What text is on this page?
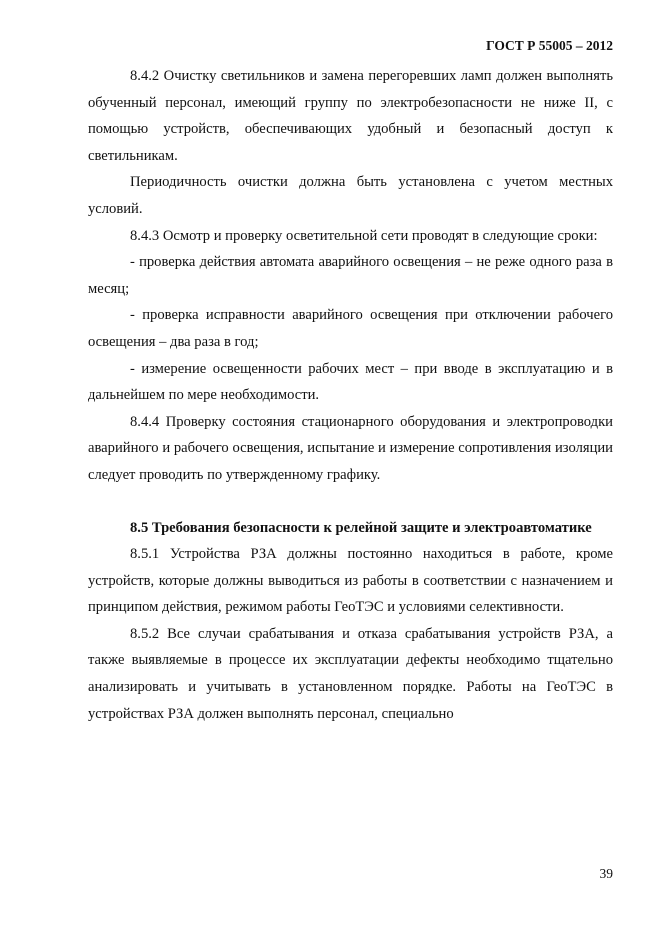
ГОСТ Р 55005 – 2012

8.4.2 Очистку светильников и замена перегоревших ламп должен выполнять обученный персонал, имеющий группу по электробезопасности не ниже II, с помощью устройств, обеспечивающих удобный и безопасный доступ к светильникам.

Периодичность очистки должна быть установлена с учетом местных условий.

8.4.3 Осмотр и проверку осветительной сети проводят в следующие сроки:

- проверка действия автомата аварийного освещения – не реже одного раза в месяц;

- проверка исправности аварийного освещения при отключении рабочего освещения – два раза в год;

- измерение освещенности рабочих мест – при вводе в эксплуатацию и в дальнейшем по мере необходимости.

8.4.4 Проверку состояния стационарного оборудования и электропроводки аварийного и рабочего освещения, испытание и измерение сопротивления изоляции следует проводить по утвержденному графику.

8.5 Требования безопасности к релейной защите и электроавтоматике

8.5.1 Устройства РЗА должны постоянно находиться в работе, кроме устройств, которые должны выводиться из работы в соответствии с назначением и принципом действия, режимом работы ГеоТЭС и условиями селективности.

8.5.2 Все случаи срабатывания и отказа срабатывания устройств РЗА, а также выявляемые в процессе их эксплуатации дефекты необходимо тщательно анализировать и учитывать в установленном порядке. Работы на ГеоТЭС в устройствах РЗА должен выполнять персонал, специально

39
